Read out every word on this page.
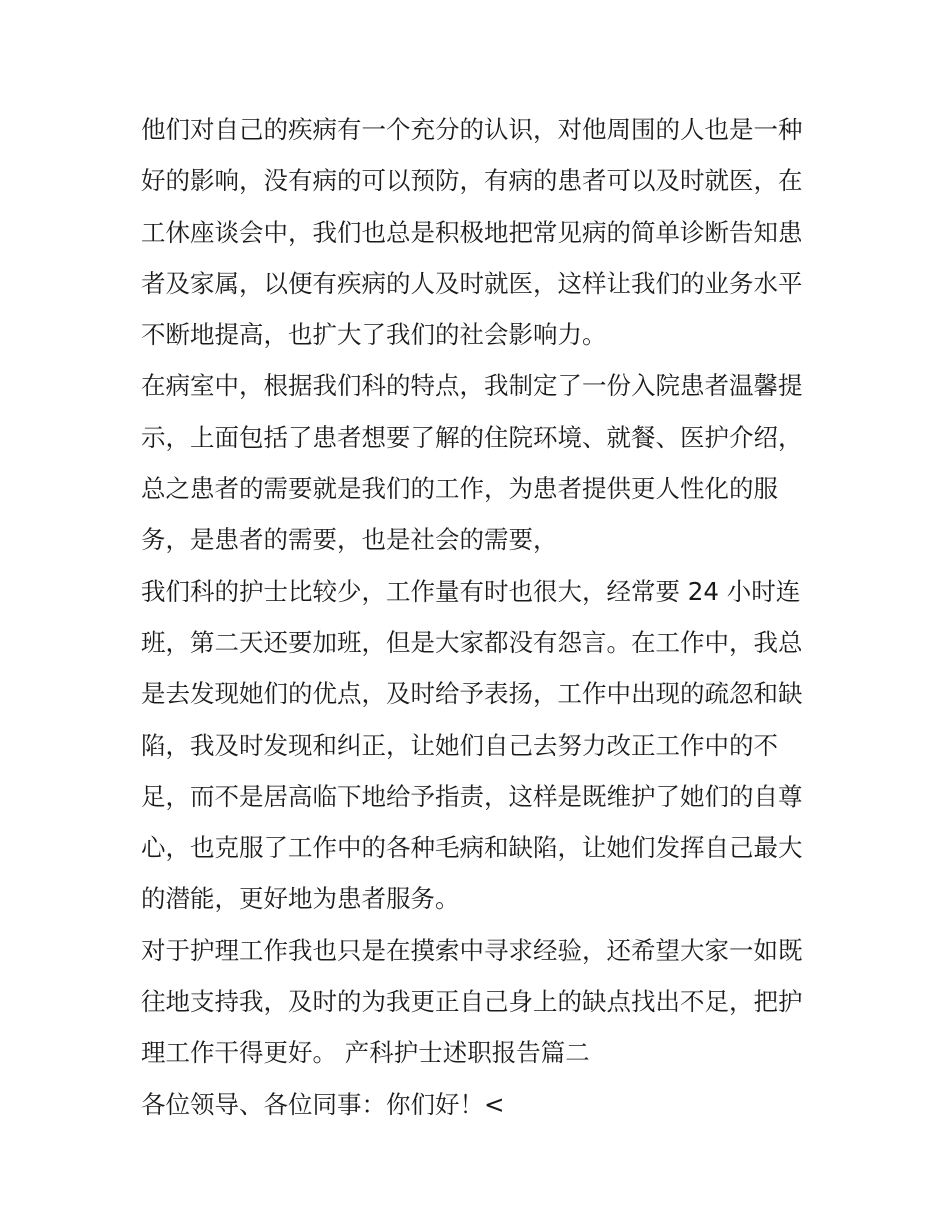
他们对自己的疾病有一个充分的认识，对他周围的人也是一种
好的影响，没有病的可以预防，有病的患者可以及时就医，在
工休座谈会中，我们也总是积极地把常见病的简单诊断告知患
者及家属，以便有疾病的人及时就医，这样让我们的业务水平
不断地提高，也扩大了我们的社会影响力。
在病室中，根据我们科的特点，我制定了一份入院患者温馨提
示，上面包括了患者想要了解的住院环境、就餐、医护介绍，
总之患者的需要就是我们的工作，为患者提供更人性化的服
务，是患者的需要，也是社会的需要，
我们科的护士比较少，工作量有时也很大，经常要 24 小时连
班，第二天还要加班，但是大家都没有怨言。在工作中，我总
是去发现她们的优点，及时给予表扬，工作中出现的疏忽和缺
陷，我及时发现和纠正，让她们自己去努力改正工作中的不
足，而不是居高临下地给予指责，这样是既维护了她们的自尊
心，也克服了工作中的各种毛病和缺陷，让她们发挥自己最大
的潜能，更好地为患者服务。
对于护理工作我也只是在摸索中寻求经验，还希望大家一如既
往地支持我，及时的为我更正自己身上的缺点找出不足，把护
理工作干得更好。 产科护士述职报告篇二
各位领导、各位同事：你们好！<
